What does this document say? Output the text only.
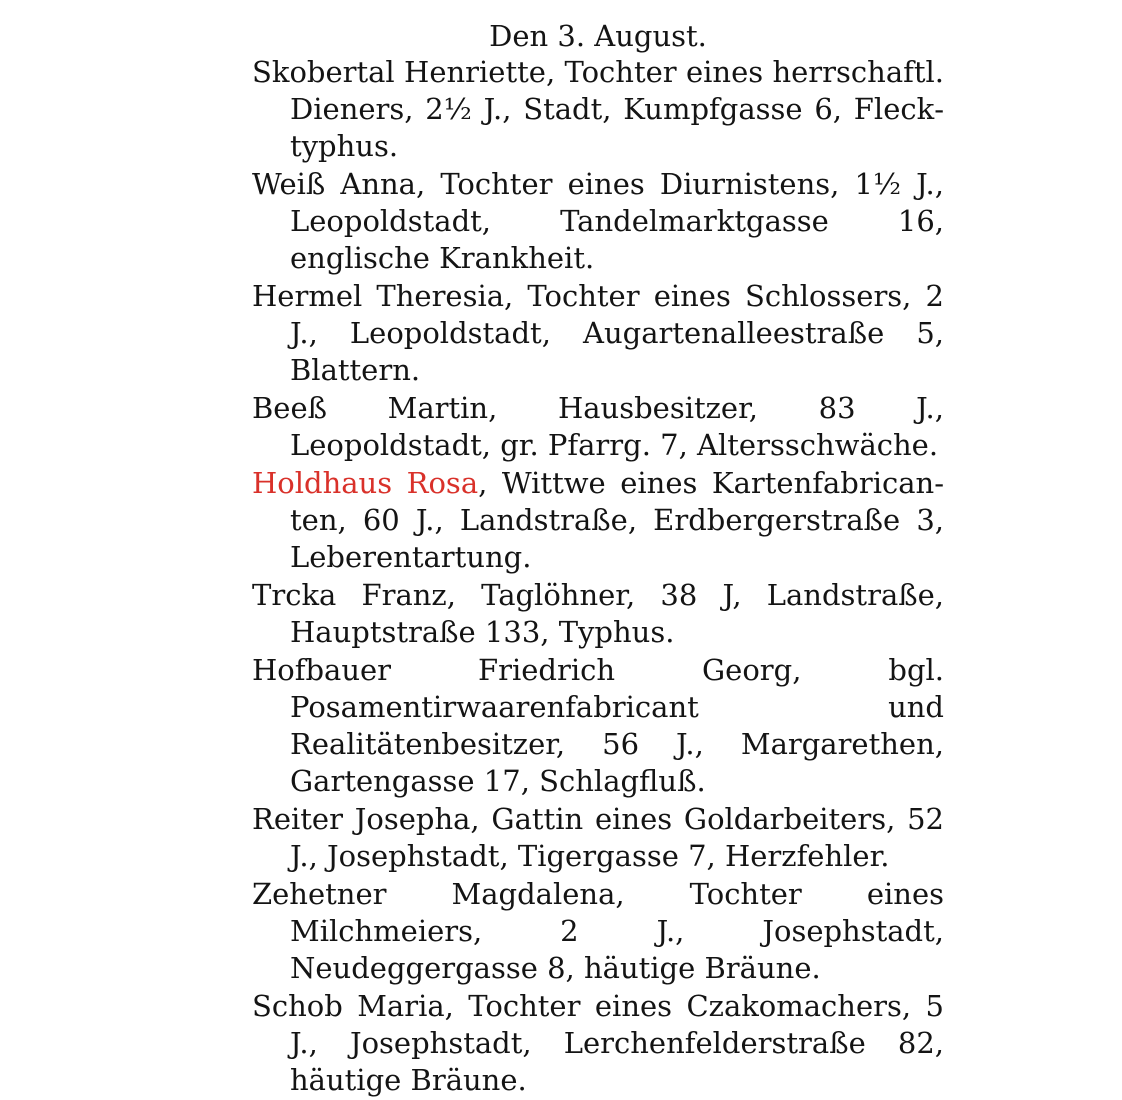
Den 3. August.
Skobertal Henriette, Tochter eines herrschaftl. Dieners, 2½ J., Stadt, Kumpfgasse 6, Flecktyphus.
Weiß Anna, Tochter eines Diurnistens, 1½ J., Leopoldstadt, Tandelmarktgasse 16, englische Krankheit.
Hermel Theresia, Tochter eines Schlossers, 2 J., Leopoldstadt, Augartenalleestraße 5, Blattern.
Beeß Martin, Hausbesitzer, 83 J., Leopoldstadt, gr. Pfarrg. 7, Altersschwäche.
Holdhaus Rosa, Wittwe eines Kartenfabricanten, 60 J., Landstraße, Erdbergerstraße 3, Leberentartung.
Trcka Franz, Taglöhner, 38 J, Landstraße, Hauptstraße 133, Typhus.
Hofbauer Friedrich Georg, bgl. Posamentirwaarenfabricant und Realitätenbesitzer, 56 J., Margarethen, Gartengasse 17, Schlagfluß.
Reiter Josepha, Gattin eines Goldarbeiters, 52 J., Josephstadt, Tigergasse 7, Herzfehler.
Zehetner Magdalena, Tochter eines Milchmeiers, 2 J., Josephstadt, Neudeggergasse 8, häutige Bräune.
Schob Maria, Tochter eines Czakomachers, 5 J., Josephstadt, Lerchenfelderstraße 82, häutige Bräune.
